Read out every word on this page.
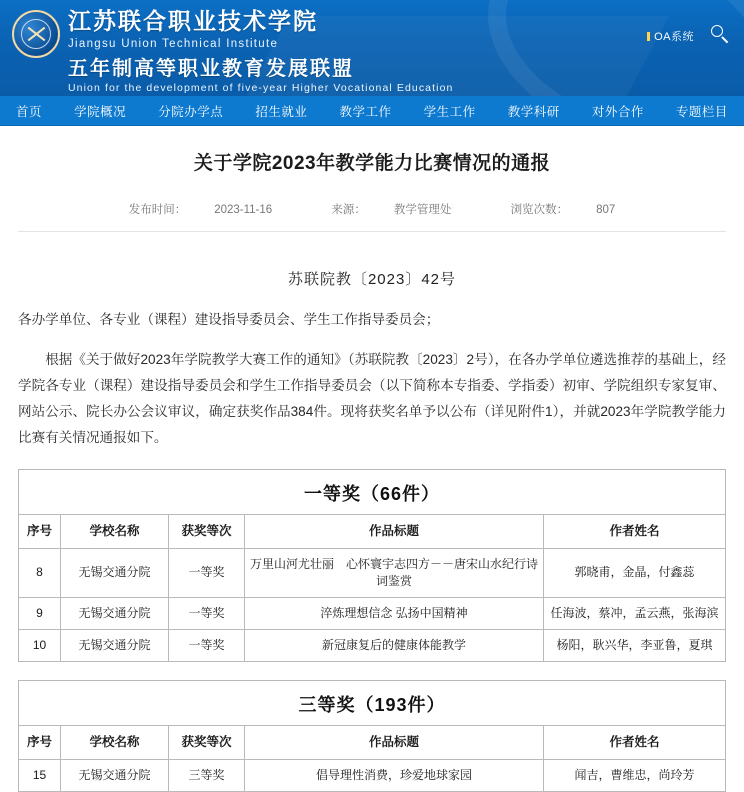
江苏联合职业技术学院
Jiangsu Union Technical Institute
五年制高等职业教育发展联盟
Union for the development of five-year Higher Vocational Education
OA系统
首页	学院概况	分院办学点	招生就业	教学工作	学生工作	教学科研	对外合作	专题栏目
关于学院2023年教学能力比赛情况的通报
发布时间： 2023-11-16	来源： 教学管理处	浏览次数： 807
苏联院教〔2023〕42号

各办学单位、各专业（课程）建设指导委员会、学生工作指导委员会；

根据《关于做好2023年学院教学大赛工作的通知》（苏联院教〔2023〕2号），在各办学单位遴选推荐的基础上，经学院各专业（课程）建设指导委员会和学生工作指导委员会（以下简称本专指委、学指委）初审、学院组织专家复审、网站公示、院长办公会议审议，确定获奖作品384件。现将获奖名单予以公布（详见附件1），并就2023年学院教学能力比赛有关情况通报如下。

一等奖（66件）
序号	学校名称	获奖等次	作品标题	作者姓名
8	无锡交通分院	一等奖	万里山河尤壮丽　心怀寰宇志四方－－唐宋山水纪行诗词鉴赏	郭晓甫，金晶，付鑫蕊
9	无锡交通分院	一等奖	淬炼理想信念 弘扬中国精神	任海波，蔡冲，孟云燕，张海滨
10	无锡交通分院	一等奖	新冠康复后的健康体能教学	杨阳，耿兴华，李亚鲁，夏琪
三等奖（193件）
序号	学校名称	获奖等次	作品标题	作者姓名
15	无锡交通分院	三等奖	倡导理性消费，珍爱地球家园	闻吉，曹维忠，尚玲芳
